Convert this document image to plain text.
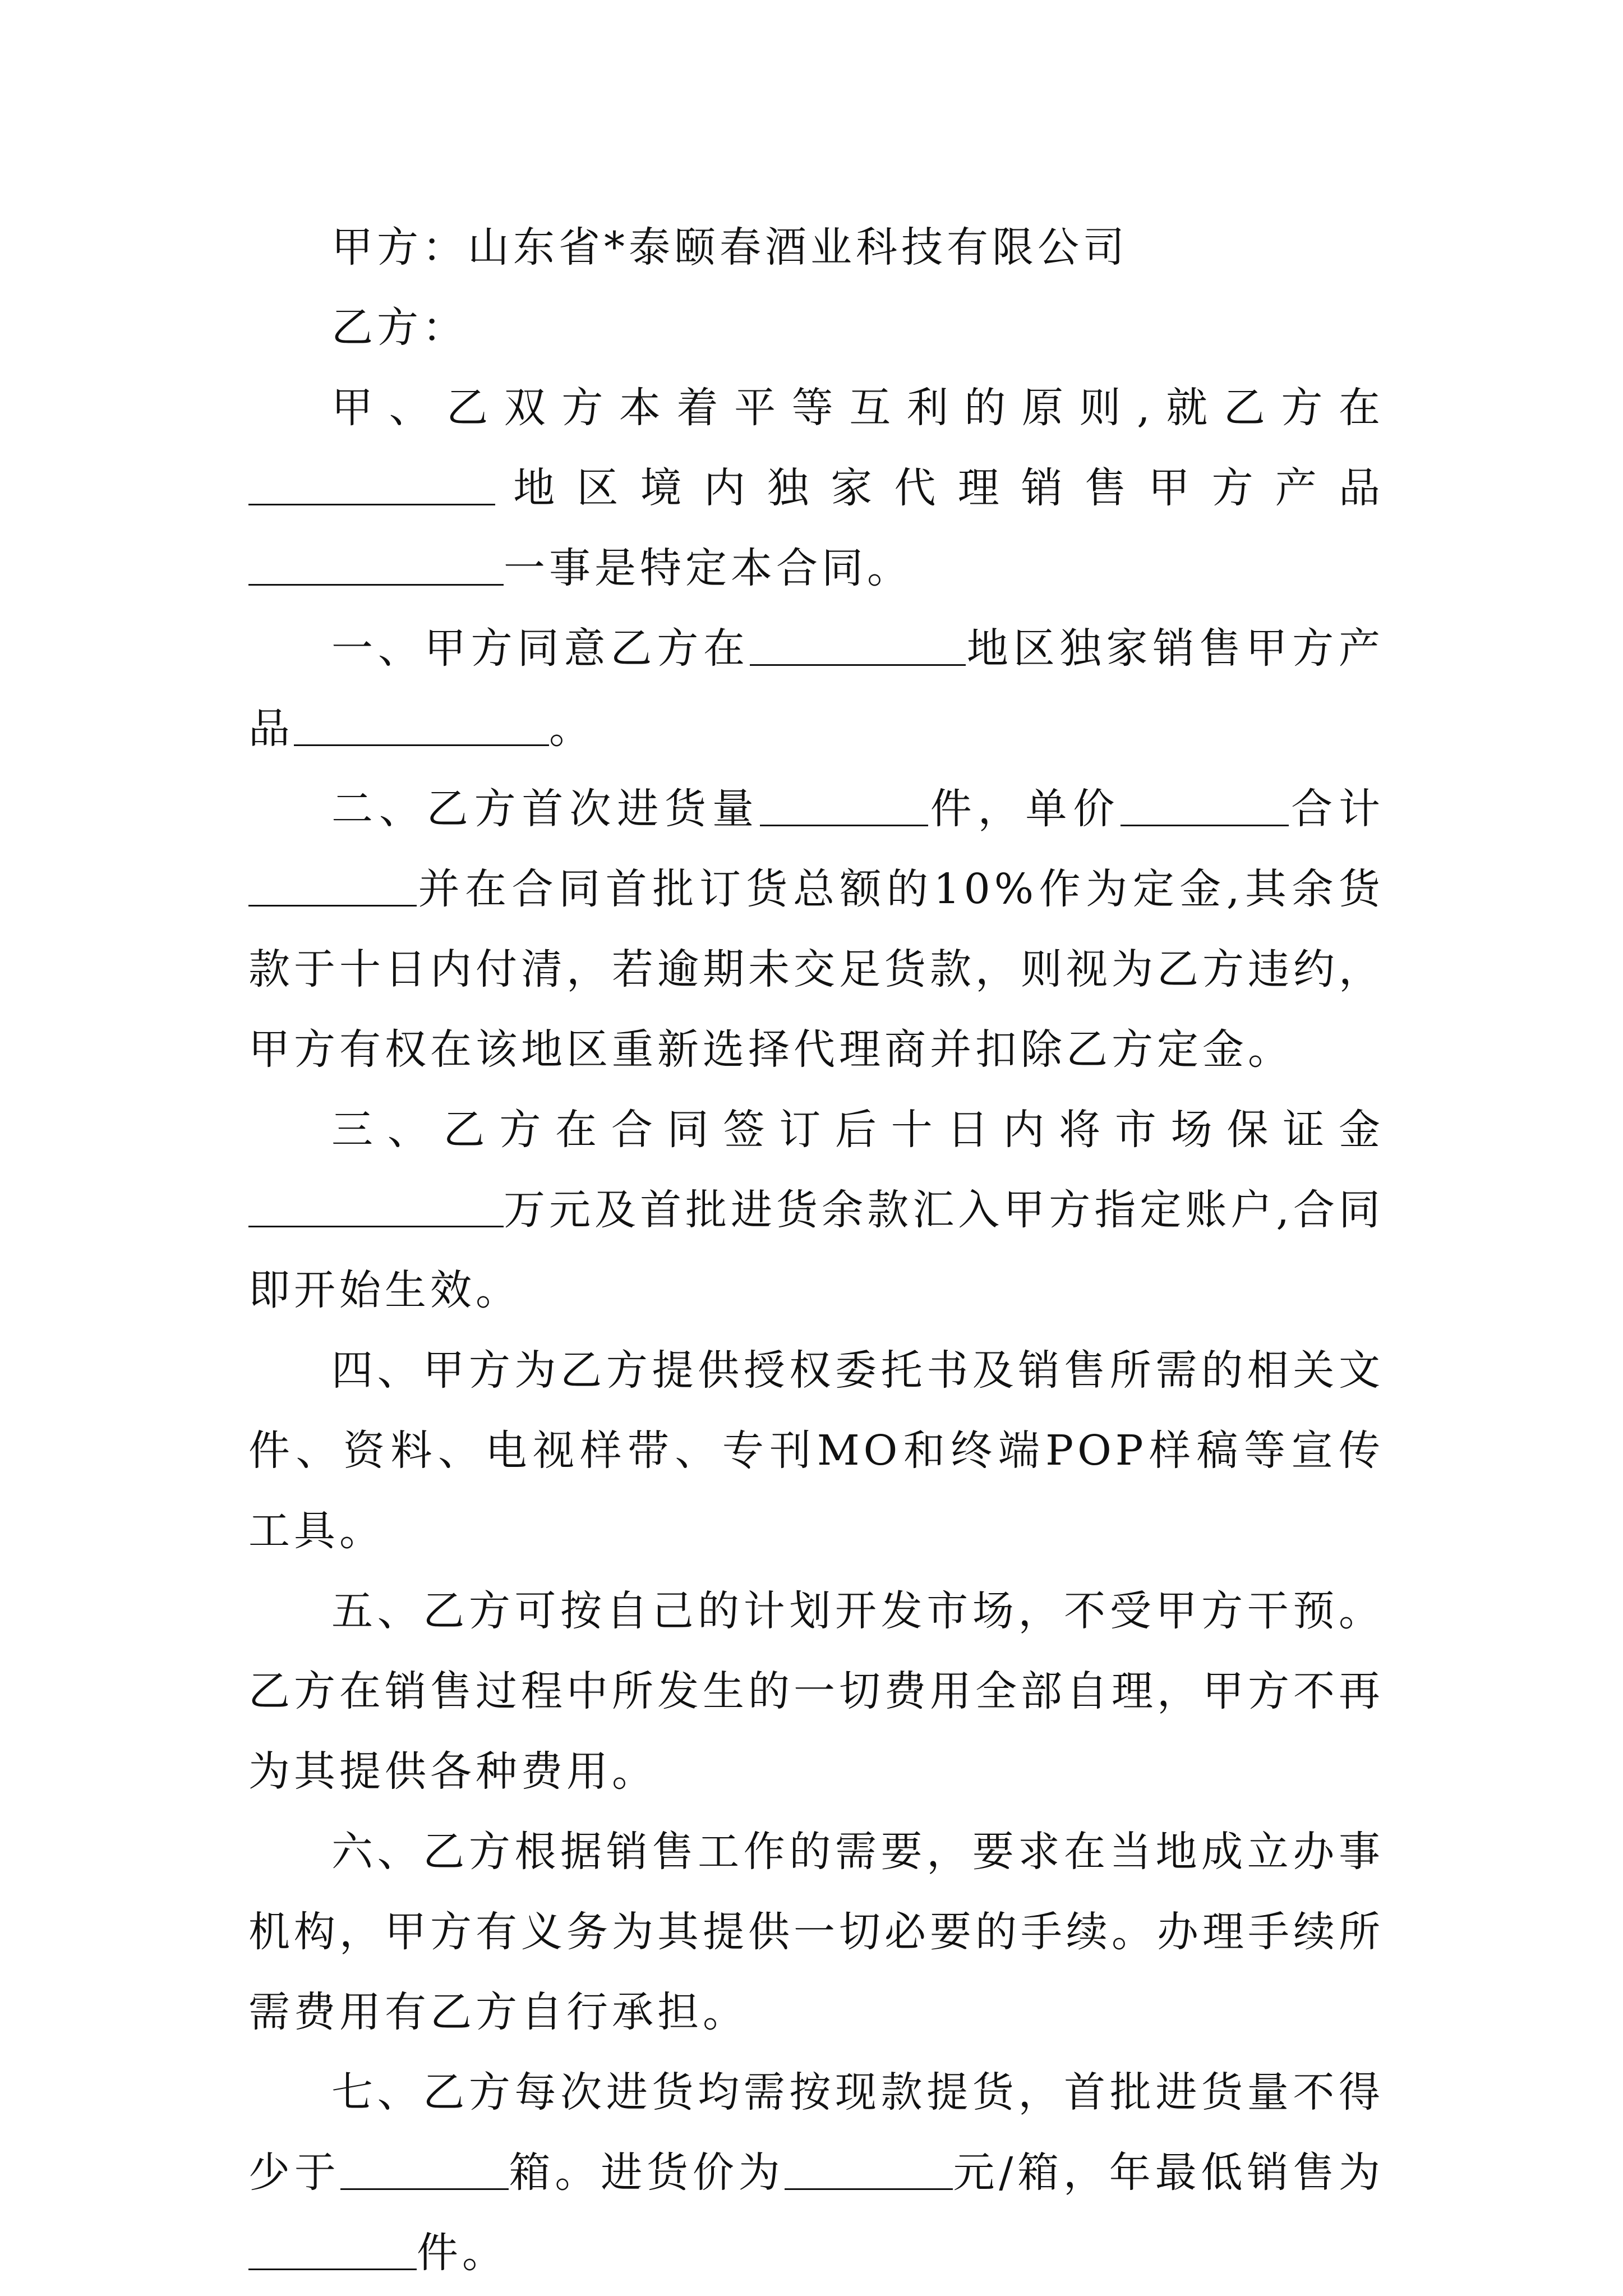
甲方：山东省*泰颐春酒业科技有限公司

乙方：

甲、乙双方本着平等互利的原则,就乙方在地区境内独家代理销售甲方产品一事是特定本合同。

一、甲方同意乙方在	地区独家销售甲方产品	。

二、乙方首次进货量	件，单价	合计并在合同首批订货总额的10%作为定金,其余货款于十日内付清，若逾期未交足货款，则视为乙方违约，甲方有权在该地区重新选择代理商并扣除乙方定金。

三、乙方在合同签订后十日内将市场保证金万元及首批进货余款汇入甲方指定账户,合同即开始生效。

四、甲方为乙方提供授权委托书及销售所需的相关文件、资料、电视样带、专刊MO和终端POP样稿等宣传工具。

五、乙方可按自己的计划开发市场，不受甲方干预。乙方在销售过程中所发生的一切费用全部自理，甲方不再为其提供各种费用。

六、乙方根据销售工作的需要，要求在当地成立办事机构，甲方有义务为其提供一切必要的手续。办理手续所需费用有乙方自行承担。

七、乙方每次进货均需按现款提货，首批进货量不得少于	箱。进货价为	元/箱，年最低销售为件。
